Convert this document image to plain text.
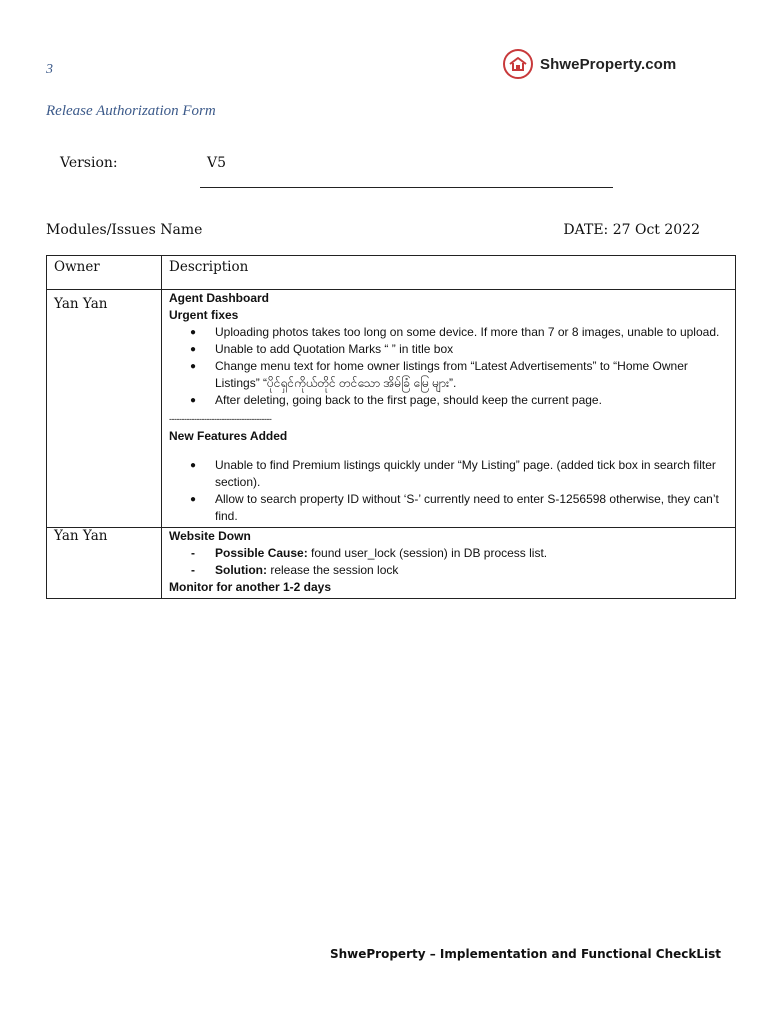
3	ShweProperty.com
Release Authorization Form
Version:	V5
Modules/Issues Name	DATE: 27 Oct 2022
Owner	Description
Yan Yan	Agent Dashboard
Urgent fixes
● Uploading photos takes too long on some device. If more than 7 or 8 images, unable to upload.
● Unable to add Quotation Marks “ ” in title box
● Change menu text for home owner listings from “Latest Advertisements” to “Home Owner Listings” “ပိုင်ရှင်ကိုယ်တိုင် တင်သော အိမ်ခြံ မြေ များ”.
● After deleting, going back to the first page, should keep the current page.
-----------------------------------------
New Features Added
● Unable to find Premium listings quickly under “My Listing” page. (added tick box in search filter section).
● Allow to search property ID without ‘S-’ currently need to enter S-1256598 otherwise, they can’t find.
Yan Yan	Website Down
- Possible Cause: found user_lock (session) in DB process list.
- Solution: release the session lock
Monitor for another 1-2 days
ShweProperty – Implementation and Functional CheckList
